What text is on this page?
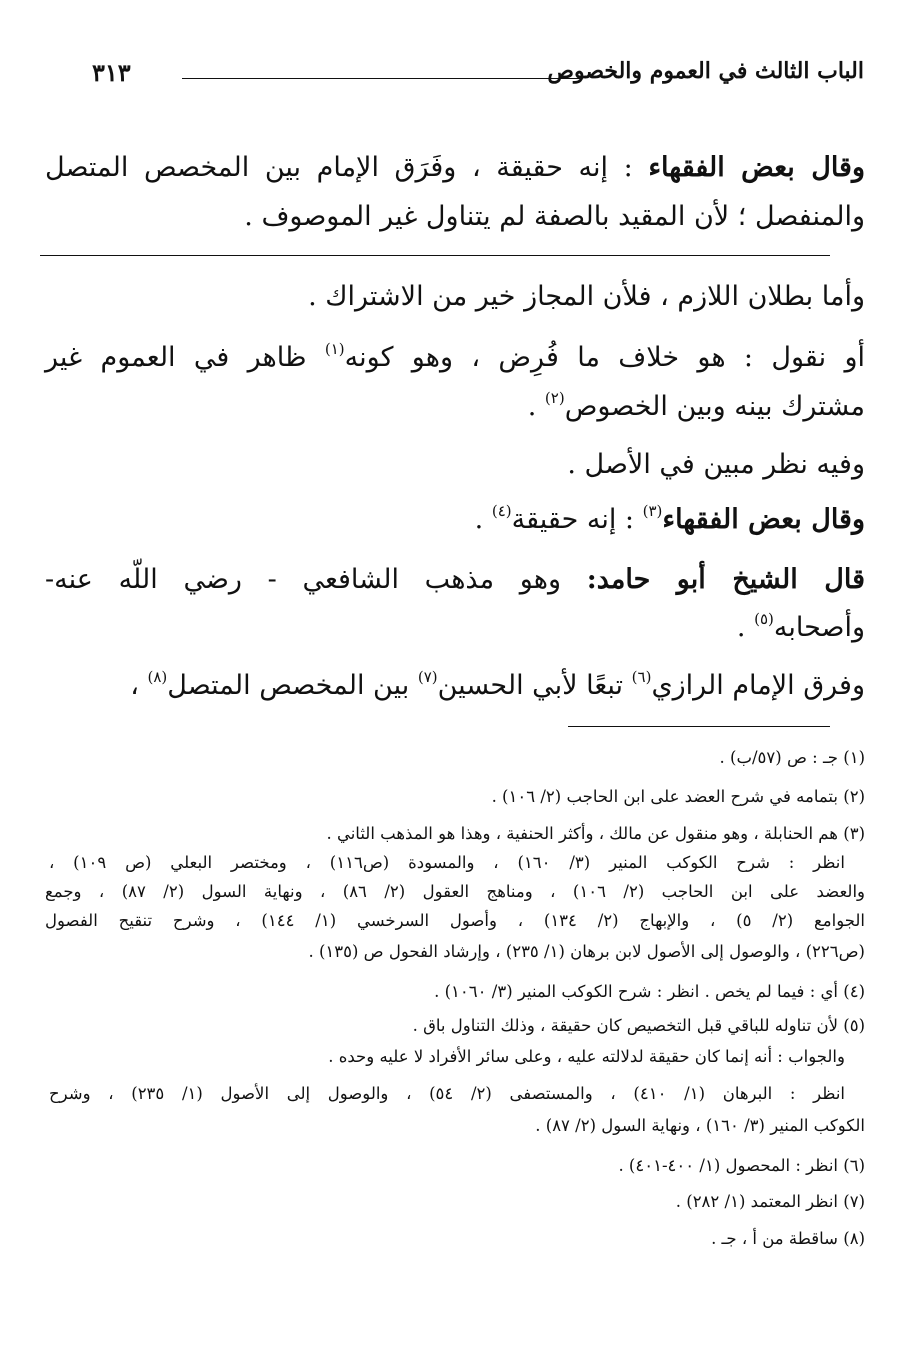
الباب الثالث في العموم والخصوص
٣١٣
وقال بعض الفقهاء : إنه حقيقة ، وفَرَق الإمام بين المخصص المتصل
والمنفصل ؛ لأن المقيد بالصفة لم يتناول غير الموصوف .
وأما بطلان اللازم ، فلأن المجاز خير من الاشتراك .
أو نقول : هو خلاف ما فُرِض ، وهو كونه$^{(١)}$ ظاهر في العموم غير
مشترك بينه وبين الخصوص$^{(٢)}$ .
وفيه نظر مبين في الأصل .
وقال بعض الفقهاء$^{(٣)}$ : إنه حقيقة$^{(٤)}$ .
قال الشيخ أبو حامد: وهو مذهب الشافعي - رضي اللّه عنه-
وأصحابه$^{(٥)}$ .
وفرق الإمام الرازي$^{(٦)}$ تبعًا لأبي الحسين$^{(٧)}$ بين المخصص المتصل$^{(٨)}$ ،
(١) جـ : ص (٥٧/ب) .
(٢) بتمامه في شرح العضد على ابن الحاجب (٢/ ١٠٦) .
(٣) هم الحنابلة ، وهو منقول عن مالك ، وأكثر الحنفية ، وهذا هو المذهب الثاني .
انظر : شرح الكوكب المنير (٣/ ١٦٠) ، والمسودة (ص١١٦) ، ومختصر البعلي (ص ١٠٩) ،
والعضد على ابن الحاجب (٢/ ١٠٦) ، ومناهج العقول (٢/ ٨٦) ، ونهاية السول (٢/ ٨٧) ، وجمع
الجوامع (٢/ ٥) ، والإبهاج (٢/ ١٣٤) ، وأصول السرخسي (١/ ١٤٤) ، وشرح تنقيح الفصول
(ص٢٢٦) ، والوصول إلى الأصول لابن برهان (١/ ٢٣٥) ، وإرشاد الفحول ص (١٣٥) .
(٤) أي : فيما لم يخص . انظر : شرح الكوكب المنير (٣/ ١٠٦٠) .
(٥) لأن تناوله للباقي قبل التخصيص كان حقيقة ، وذلك التناول باق .
والجواب : أنه إنما كان حقيقة لدلالته عليه ، وعلى سائر الأفراد لا عليه وحده .
انظر : البرهان (١/ ٤١٠) ، والمستصفى (٢/ ٥٤) ، والوصول إلى الأصول (١/ ٢٣٥) ، وشرح
الكوكب المنير (٣/ ١٦٠) ، ونهاية السول (٢/ ٨٧) .
(٦) انظر : المحصول (١/ ٤٠٠-٤٠١) .
(٧) انظر المعتمد (١/ ٢٨٢) .
(٨) ساقطة من أ ، جـ .
